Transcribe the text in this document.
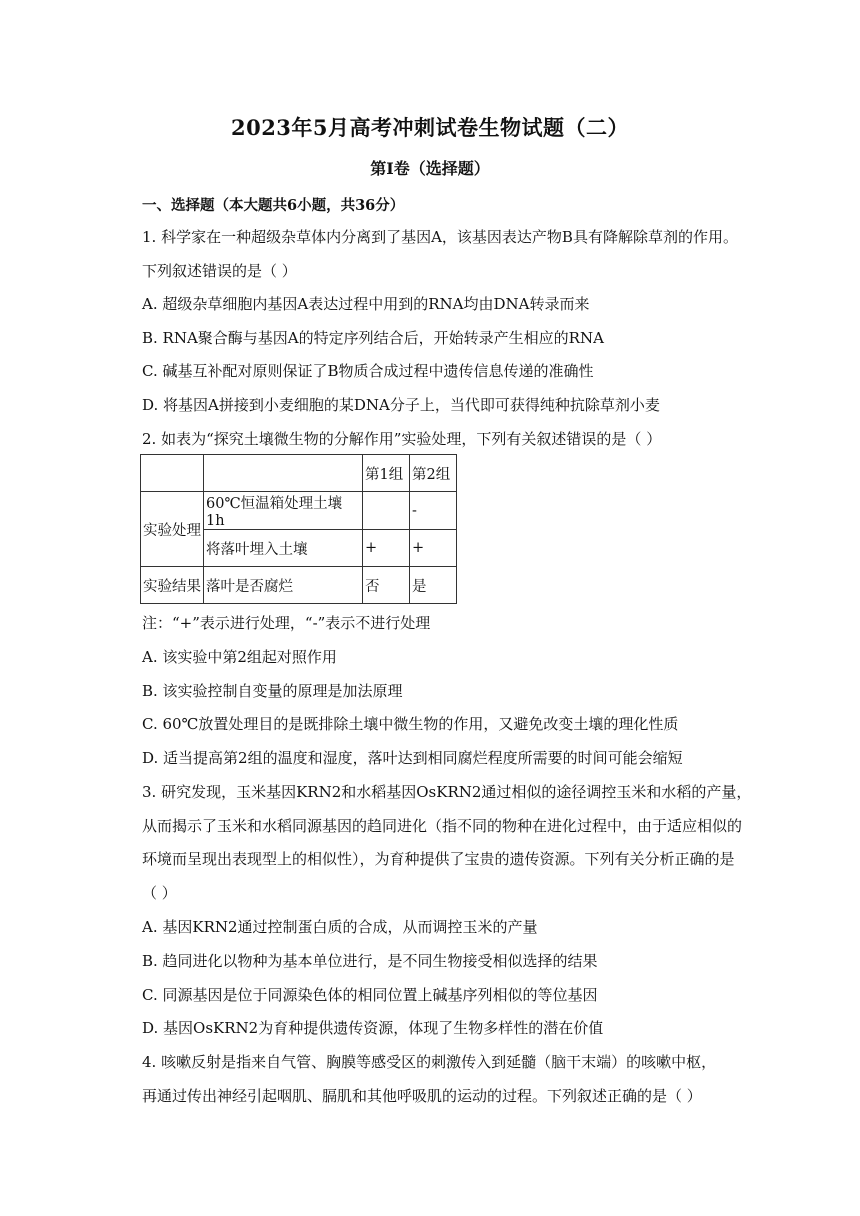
2023年5月高考冲刺试卷生物试题（二）
第I卷（选择题）
一、选择题（本大题共6小题，共36分）
1. 科学家在一种超级杂草体内分离到了基因A，该基因表达产物B具有降解除草剂的作用。
下列叙述错误的是（ ）
A. 超级杂草细胞内基因A表达过程中用到的RNA均由DNA转录而来
B. RNA聚合酶与基因A的特定序列结合后，开始转录产生相应的RNA
C. 碱基互补配对原则保证了B物质合成过程中遗传信息传递的准确性
D. 将基因A拼接到小麦细胞的某DNA分子上，当代即可获得纯种抗除草剂小麦
2. 如表为“探究土壤微生物的分解作用”实验处理，下列有关叙述错误的是（ ）
		第1组	第2组
实验处理	60℃恒温箱处理土壤1h		-
	将落叶埋入土壤	+	+
实验结果	落叶是否腐烂	否	是
注：“+”表示进行处理，“-”表示不进行处理
A. 该实验中第2组起对照作用
B. 该实验控制自变量的原理是加法原理
C. 60℃放置处理目的是既排除土壤中微生物的作用，又避免改变土壤的理化性质
D. 适当提高第2组的温度和湿度，落叶达到相同腐烂程度所需要的时间可能会缩短
3. 研究发现，玉米基因KRN2和水稻基因OsKRN2通过相似的途径调控玉米和水稻的产量，
从而揭示了玉米和水稻同源基因的趋同进化（指不同的物种在进化过程中，由于适应相似的
环境而呈现出表现型上的相似性），为育种提供了宝贵的遗传资源。下列有关分析正确的是
（ ）
A. 基因KRN2通过控制蛋白质的合成，从而调控玉米的产量
B. 趋同进化以物种为基本单位进行，是不同生物接受相似选择的结果
C. 同源基因是位于同源染色体的相同位置上碱基序列相似的等位基因
D. 基因OsKRN2为育种提供遗传资源，体现了生物多样性的潜在价值
4. 咳嗽反射是指来自气管、胸膜等感受区的刺激传入到延髓（脑干末端）的咳嗽中枢，
再通过传出神经引起咽肌、膈肌和其他呼吸肌的运动的过程。下列叙述正确的是（ ）
